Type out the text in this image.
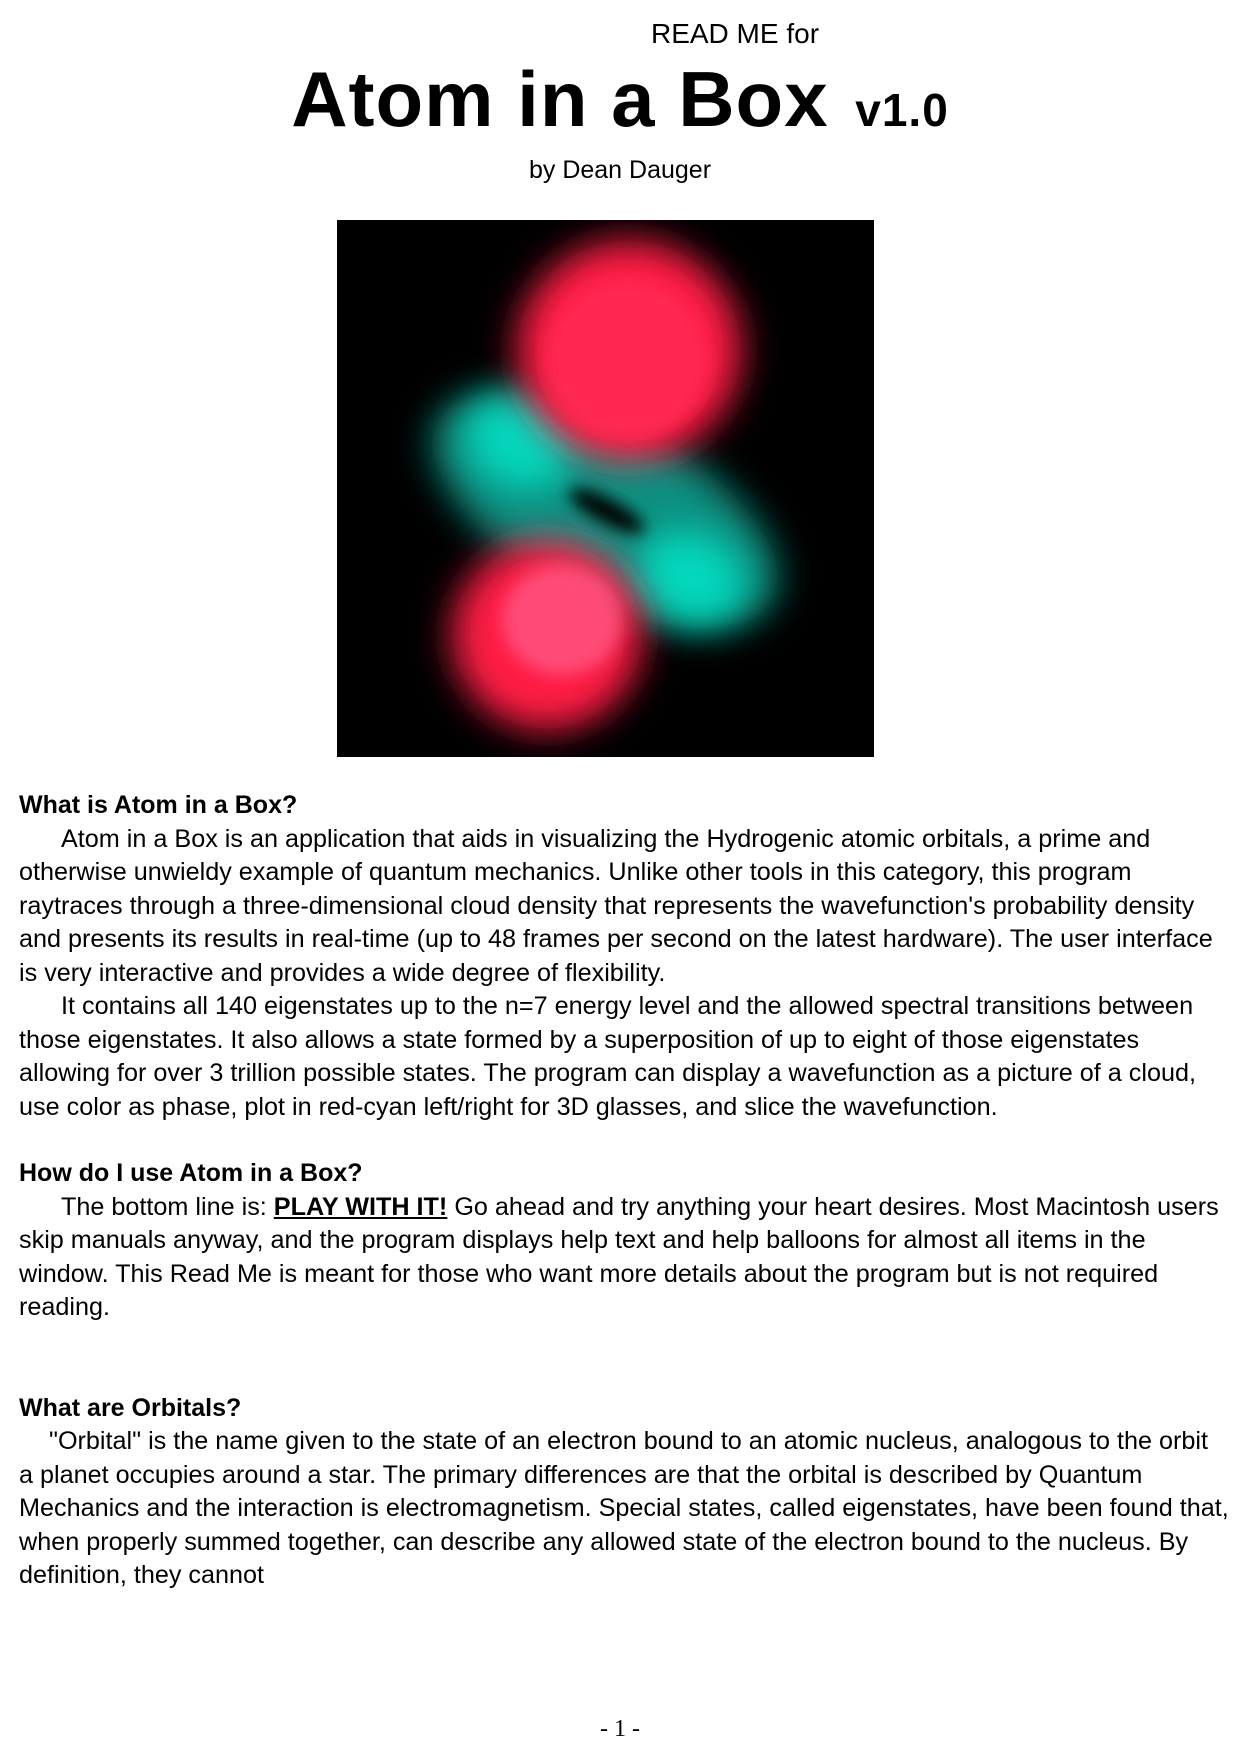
READ ME for
Atom in a Box v1.0
by Dean Dauger
What is Atom in a Box?

Atom in a Box is an application that aids in visualizing the Hydrogenic atomic orbitals, a prime and otherwise unwieldy example of quantum mechanics. Unlike other tools in this category, this program raytraces through a three-dimensional cloud density that represents the wavefunction's probability density and presents its results in real-time (up to 48 frames per second on the latest hardware). The user interface is very interactive and provides a wide degree of flexibility.

It contains all 140 eigenstates up to the n=7 energy level and the allowed spectral transitions between those eigenstates. It also allows a state formed by a superposition of up to eight of those eigenstates allowing for over 3 trillion possible states. The program can display a wavefunction as a picture of a cloud, use color as phase, plot in red-cyan left/right for 3D glasses, and slice the wavefunction.

How do I use Atom in a Box?

The bottom line is: PLAY WITH IT! Go ahead and try anything your heart desires. Most Macintosh users skip manuals anyway, and the program displays help text and help balloons for almost all items in the window. This Read Me is meant for those who want more details about the program but is not required reading.

What are Orbitals?

"Orbital" is the name given to the state of an electron bound to an atomic nucleus, analogous to the orbit a planet occupies around a star. The primary differences are that the orbital is described by Quantum Mechanics and the interaction is electromagnetism. Special states, called eigenstates, have been found that, when properly summed together, can describe any allowed state of the electron bound to the nucleus. By definition, they cannot

- 1 -
